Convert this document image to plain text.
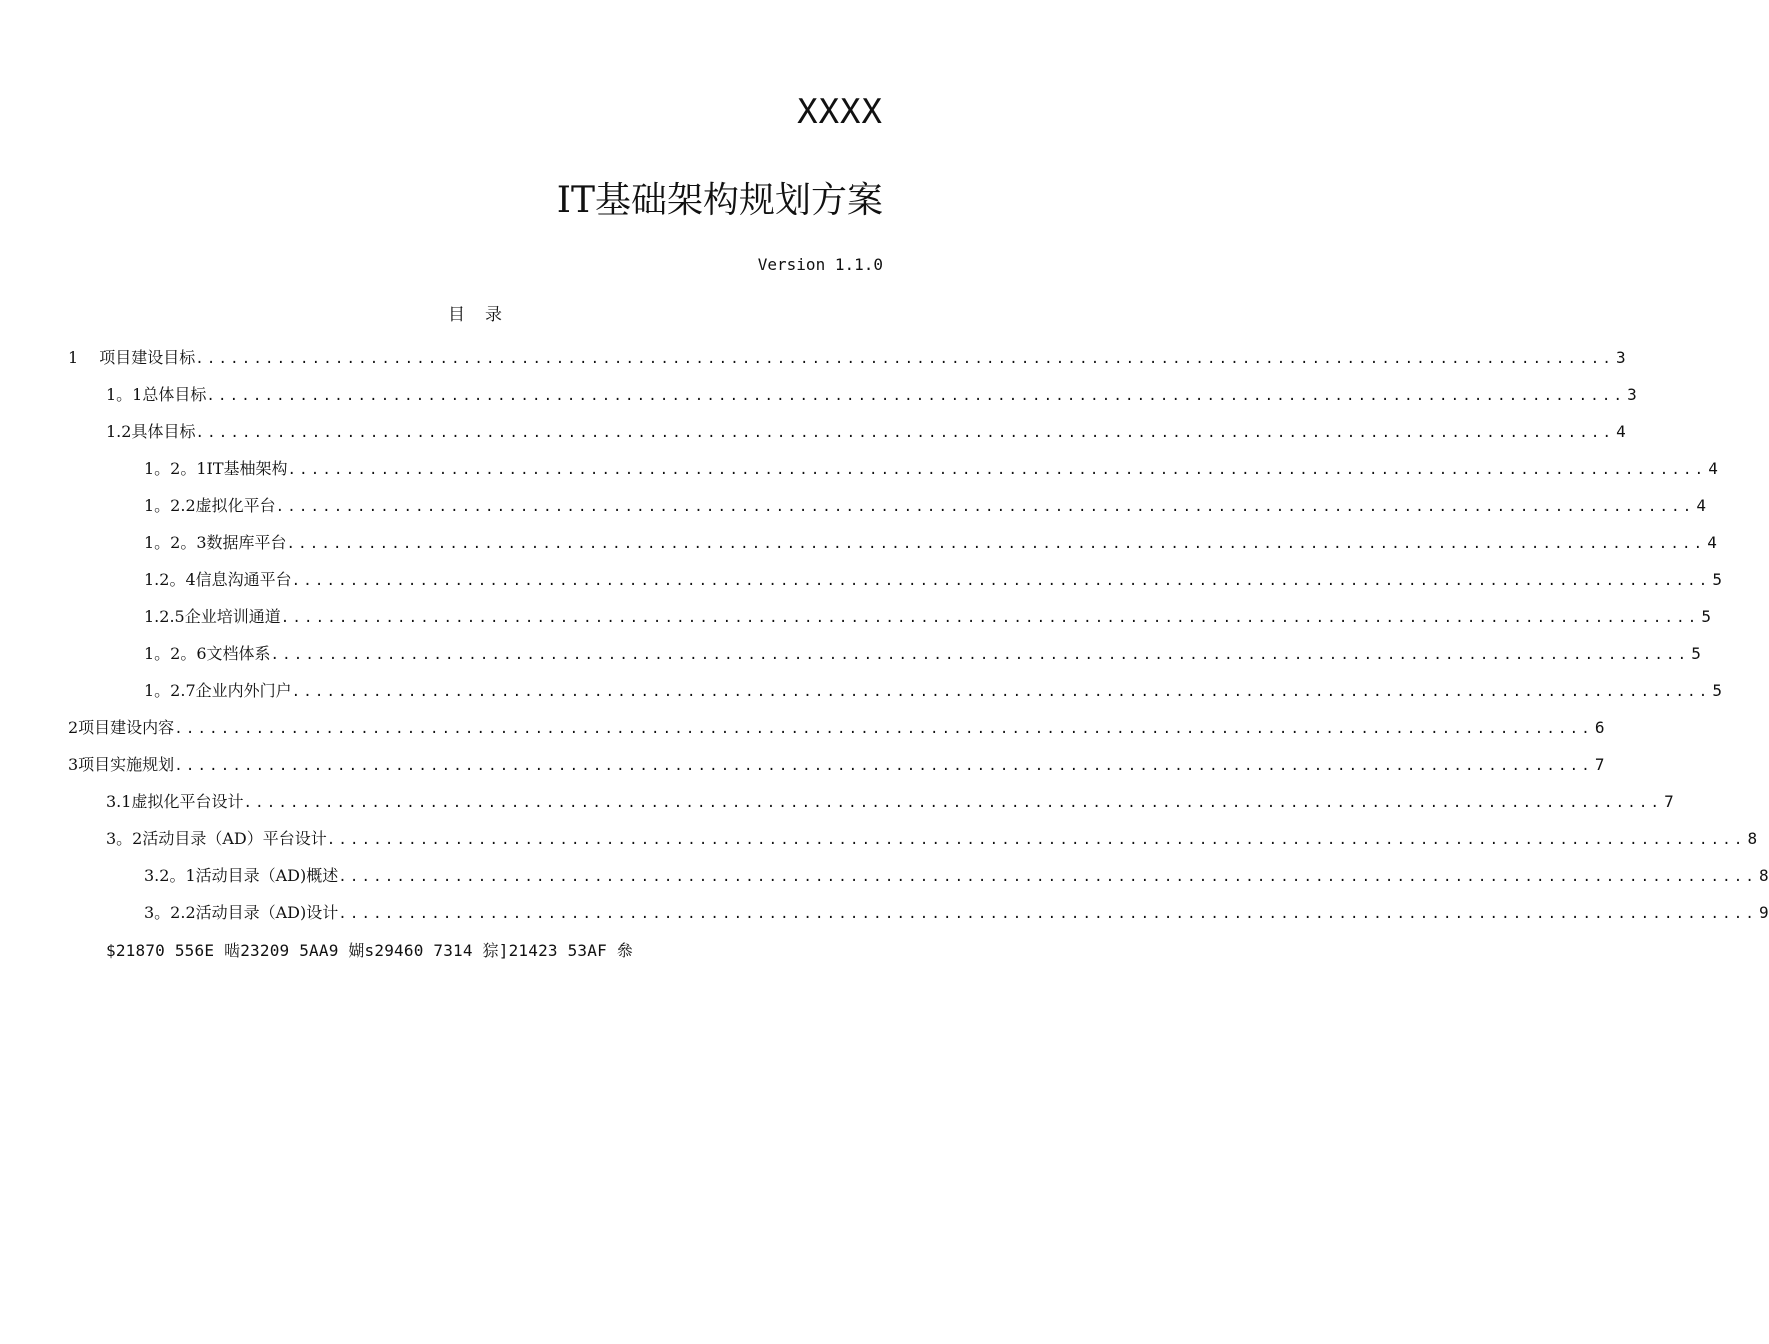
XXXX
IT基础架构规划方案
Version 1.1.0
目录
1　 项目建设目标 .......................................................................................................................... 3
1。1总体目标 .......................................................................................................................... 3
1.2具体目标 .......................................................................................................................... 4
1。2。1IT基柚架构 .......................................................................................................................... 4
1。2.2虚拟化平台 .......................................................................................................................... 4
1。2。3数据库平台 .......................................................................................................................... 4
1.2。4信息沟通平台 .......................................................................................................................... 5
1.2.5企业培训通道 .......................................................................................................................... 5
1。2。6文档体系 .......................................................................................................................... 5
1。2.7企业内外门户 .......................................................................................................................... 5
2项目建设内容 .......................................................................................................................... 6
3项目实施规划 .......................................................................................................................... 7
3.1虚拟化平台设计 .......................................................................................................................... 7
3。2活动目录（AD）平台设计 .......................................................................................................................... 8
3.2。1活动目录（AD)概述 .......................................................................................................................... 8
3。2.2活动目录（AD)设计 .......................................................................................................................... 9
$21870 556E 啮23209 5AA9 媩s29460 7314 猔]21423 53AF 叅
